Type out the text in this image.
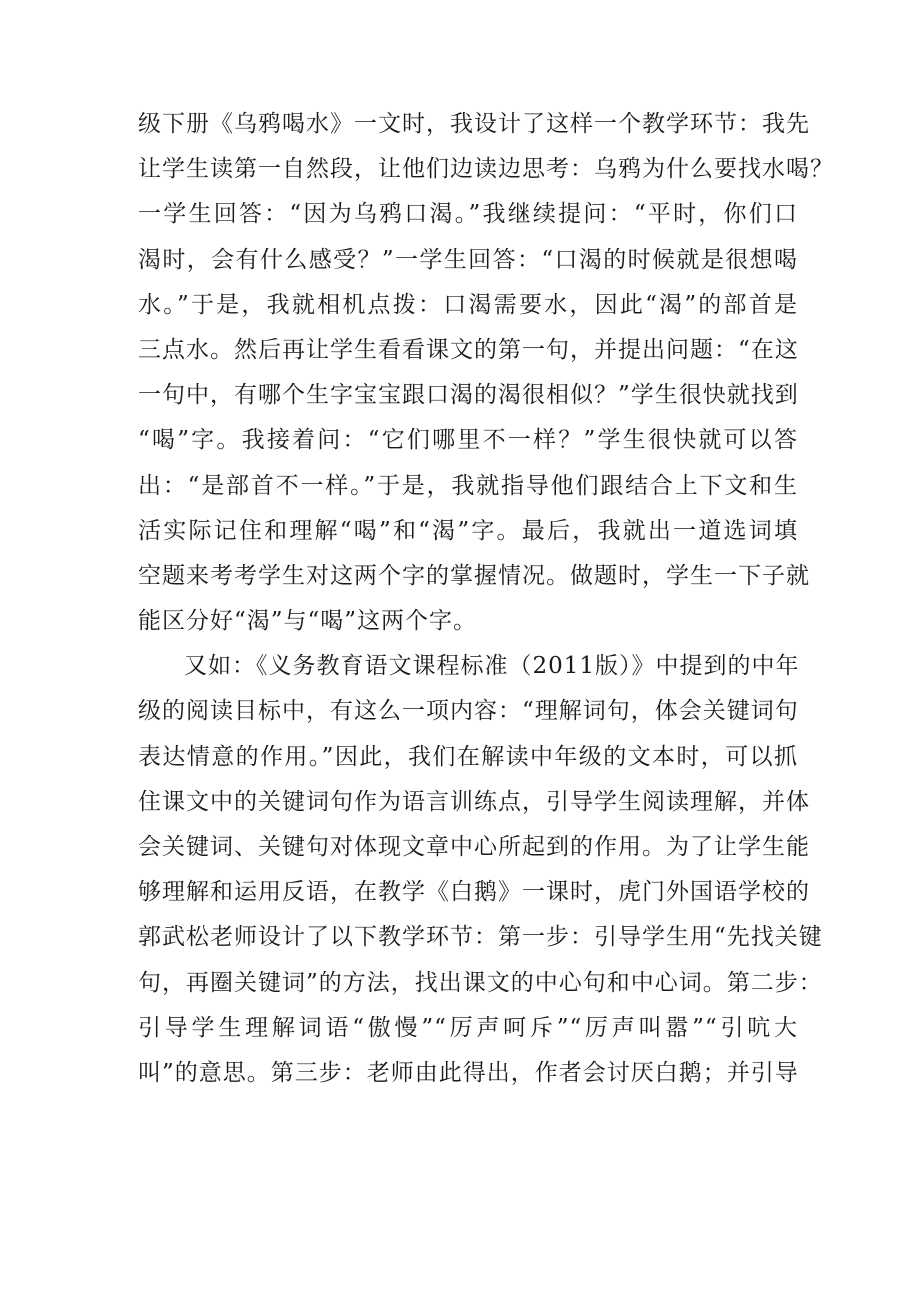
级下册《乌鸦喝水》一文时，我设计了这样一个教学环节：我先
让学生读第一自然段，让他们边读边思考：乌鸦为什么要找水喝？
一学生回答：“因为乌鸦口渴。”我继续提问：“平时，你们口
渴时，会有什么感受？”一学生回答：“口渴的时候就是很想喝
水。”于是，我就相机点拨：口渴需要水，因此“渴”的部首是
三点水。然后再让学生看看课文的第一句，并提出问题：“在这
一句中，有哪个生字宝宝跟口渴的渴很相似？”学生很快就找到
“喝”字。我接着问：“它们哪里不一样？”学生很快就可以答
出：“是部首不一样。”于是，我就指导他们跟结合上下文和生
活实际记住和理解“喝”和“渴”字。最后，我就出一道选词填
空题来考考学生对这两个字的掌握情况。做题时，学生一下子就
能区分好“渴”与“喝”这两个字。
又如：《义务教育语文课程标准（2011版）》中提到的中年
级的阅读目标中，有这么一项内容：“理解词句，体会关键词句
表达情意的作用。”因此，我们在解读中年级的文本时，可以抓
住课文中的关键词句作为语言训练点，引导学生阅读理解，并体
会关键词、关键句对体现文章中心所起到的作用。为了让学生能
够理解和运用反语，在教学《白鹅》一课时，虎门外国语学校的
郭武松老师设计了以下教学环节：第一步：引导学生用“先找关键
句，再圈关键词”的方法，找出课文的中心句和中心词。第二步：
引导学生理解词语“傲慢”“厉声呵斥”“厉声叫嚣”“引吭大
叫”的意思。第三步：老师由此得出，作者会讨厌白鹅；并引导
